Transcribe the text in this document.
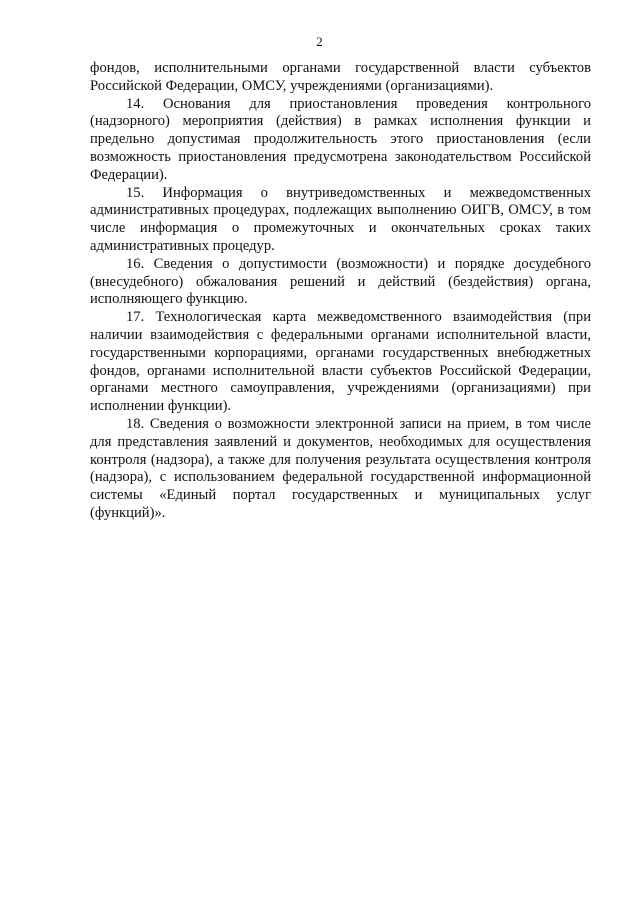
2

фондов, исполнительными органами государственной власти субъектов Российской Федерации, ОМСУ, учреждениями (организациями).

14. Основания для приостановления проведения контрольного (надзорного) мероприятия (действия) в рамках исполнения функции и предельно допустимая продолжительность этого приостановления (если возможность приостановления предусмотрена законодательством Российской Федерации).

15. Информация о внутриведомственных и межведомственных административных процедурах, подлежащих выполнению ОИГВ, ОМСУ, в том числе информация о промежуточных и окончательных сроках таких административных процедур.

16. Сведения о допустимости (возможности) и порядке досудебного (внесудебного) обжалования решений и действий (бездействия) органа, исполняющего функцию.

17. Технологическая карта межведомственного взаимодействия (при наличии взаимодействия с федеральными органами исполнительной власти, государственными корпорациями, органами государственных внебюджетных фондов, органами исполнительной власти субъектов Российской Федерации, органами местного самоуправления, учреждениями (организациями) при исполнении функции).

18. Сведения о возможности электронной записи на прием, в том числе для представления заявлений и документов, необходимых для осуществления контроля (надзора), а также для получения результата осуществления контроля (надзора), с использованием федеральной государственной информационной системы «Единый портал государственных и муниципальных услуг (функций)».
